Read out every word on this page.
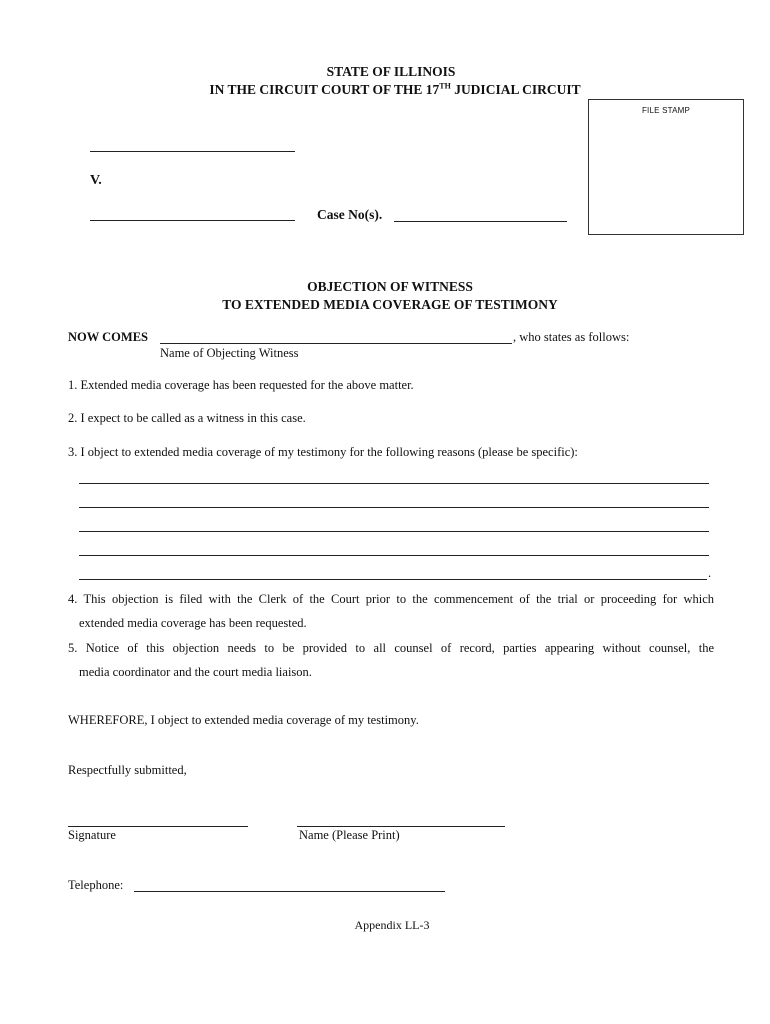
STATE OF ILLINOIS
IN THE CIRCUIT COURT OF THE 17TH JUDICIAL CIRCUIT
FILE STAMP
V.
Case No(s).
OBJECTION OF WITNESS
TO EXTENDED MEDIA COVERAGE OF TESTIMONY
NOW COMES	, who states as follows:
Name of Objecting Witness
1. Extended media coverage has been requested for the above matter.
2. I expect to be called as a witness in this case.
3. I object to extended media coverage of my testimony for the following reasons (please be specific):
.
4. This objection is filed with the Clerk of the Court prior to the commencement of the trial or proceeding for which
extended media coverage has been requested.
5. Notice of this objection needs to be provided to all counsel of record, parties appearing without counsel, the
media coordinator and the court media liaison.
WHEREFORE, I object to extended media coverage of my testimony.
Respectfully submitted,
Signature	Name (Please Print)
Telephone:
Appendix LL-3
